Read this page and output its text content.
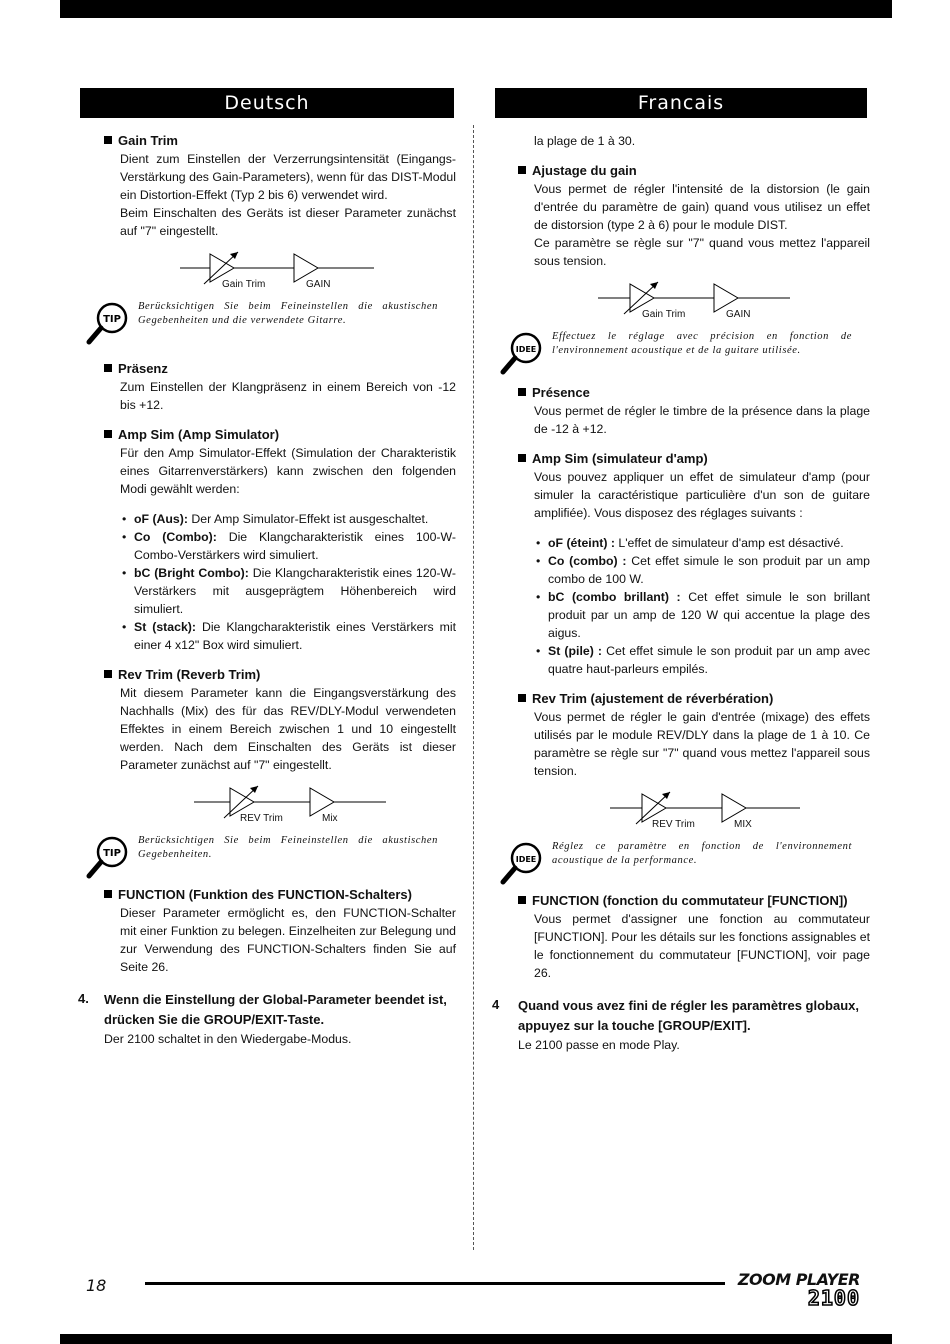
Deutsch	Francais
Gain Trim

Dient zum Einstellen der Verzerrungsintensität (Eingangs-Verstärkung des Gain-Parameters), wenn für das DIST-Modul ein Distortion-Effekt (Typ 2 bis 6) verwendet wird.

Beim Einschalten des Geräts ist dieser Parameter zunächst auf "7" eingestellt.

Gain Trim	GAIN
TIP
Berücksichtigen Sie beim Feineinstellen die akustischen Gegebenheiten und die verwendete Gitarre.
Präsenz
Zum Einstellen der Klangpräsenz in einem Bereich von -12 bis +12.
Amp Sim (Amp Simulator)
Für den Amp Simulator-Effekt (Simulation der Charakteristik eines Gitarrenverstärkers) kann zwischen den folgenden Modi gewählt werden:
• oF (Aus): Der Amp Simulator-Effekt ist ausgeschaltet.
• Co (Combo): Die Klangcharakteristik eines 100-W-Combo-Verstärkers wird simuliert.
• bC (Bright Combo): Die Klangcharakteristik eines 120-W-Verstärkers mit ausgeprägtem Höhenbereich wird simuliert.
• St (stack): Die Klangcharakteristik eines Verstärkers mit einer 4 x12" Box wird simuliert.
Rev Trim (Reverb Trim)
Mit diesem Parameter kann die Eingangsverstärkung des Nachhalls (Mix) des für das REV/DLY-Modul verwendeten Effektes in einem Bereich zwischen 1 und 10 eingestellt werden. Nach dem Einschalten des Geräts ist dieser Parameter zunächst auf "7" eingestellt.
REV Trim	Mix
TIP
Berücksichtigen Sie beim Feineinstellen die akustischen Gegebenheiten.
FUNCTION (Funktion des FUNCTION-Schalters)
Dieser Parameter ermöglicht es, den FUNCTION-Schalter mit einer Funktion zu belegen. Einzelheiten zur Belegung und zur Verwendung des FUNCTION-Schalters finden Sie auf Seite 26.
4.	Wenn die Einstellung der Global-Parameter beendet ist, drücken Sie die GROUP/EXIT-Taste.
Der 2100 schaltet in den Wiedergabe-Modus.
la plage de 1 à 30.
Ajustage du gain

Vous permet de régler l'intensité de la distorsion (le gain d'entrée du paramètre de gain) quand vous utilisez un effet de distorsion (type 2 à 6) pour le module DIST.

Ce paramètre se règle sur "7" quand vous mettez l'appareil sous tension.

Gain Trim	GAIN
IDEE
Effectuez le réglage avec précision en fonction de l'environnement acoustique et de la guitare utilisée.
Présence
Vous permet de régler le timbre de la présence dans la plage de -12 à +12.
Amp Sim (simulateur d'amp)
Vous pouvez appliquer un effet de simulateur d'amp (pour simuler la caractéristique particulière d'un son de guitare amplifiée). Vous disposez des réglages suivants :
• oF (éteint) : L'effet de simulateur d'amp est désactivé.
• Co (combo) : Cet effet simule le son produit par un amp combo de 100 W.
• bC (combo brillant) : Cet effet simule le son brillant produit par un amp de 120 W qui accentue la plage des aigus.
• St (pile) : Cet effet simule le son produit par un amp avec quatre haut-parleurs empilés.
Rev Trim (ajustement de réverbération)
Vous permet de régler le gain d'entrée (mixage) des effets utilisés par le module REV/DLY dans la plage de 1 à 10. Ce paramètre se règle sur "7" quand vous mettez l'appareil sous tension.
REV Trim	MIX
IDEE
Réglez ce paramètre en fonction de l'environnement acoustique de la performance.
FUNCTION (fonction du commutateur [FUNCTION])
Vous permet d'assigner une fonction au commutateur [FUNCTION]. Pour les détails sur les fonctions assignables et le fonctionnement du commutateur [FUNCTION], voir page 26.
4	Quand vous avez fini de régler les paramètres globaux, appuyez sur la touche [GROUP/EXIT].
Le 2100 passe en mode Play.
18	ZOOM PLAYER
2100
